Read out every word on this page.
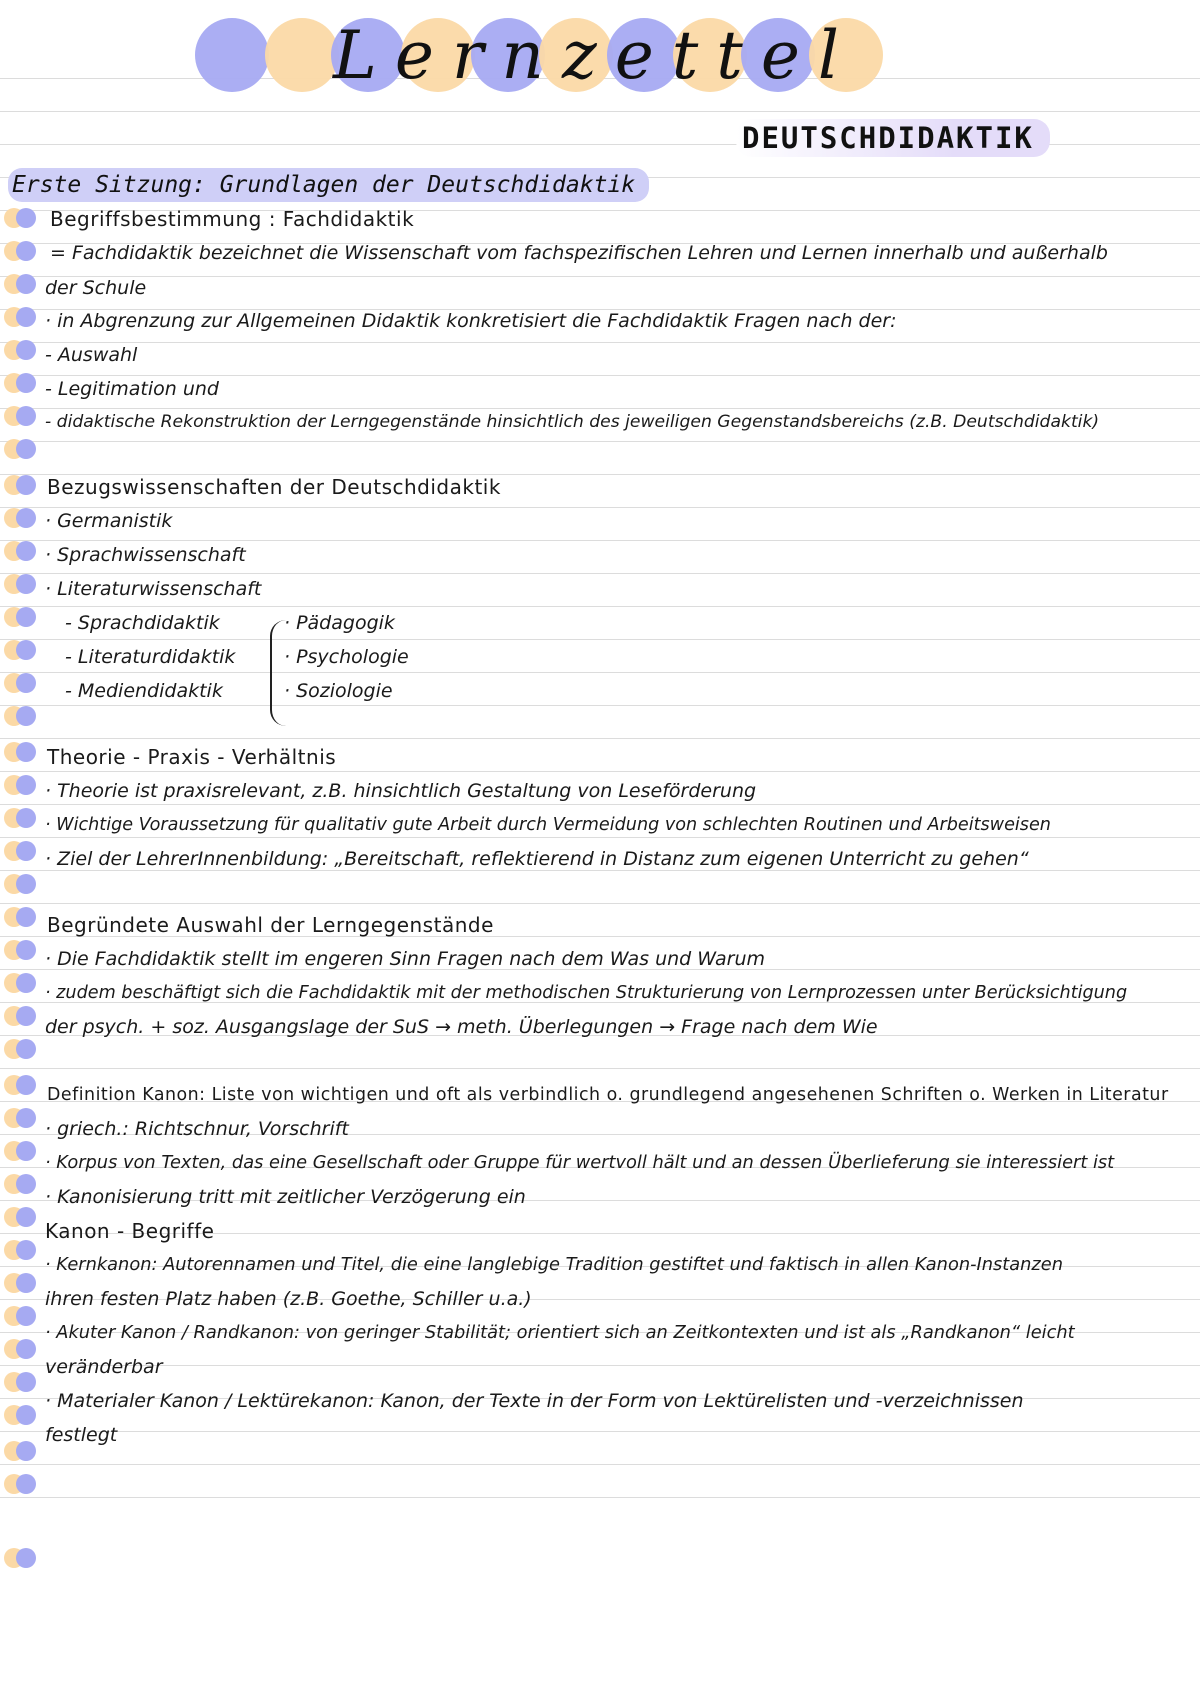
Lernzettel
DEUTSCHDIDAKTIK
Erste Sitzung: Grundlagen der Deutschdidaktik
Begriffsbestimmung : Fachdidaktik
= Fachdidaktik bezeichnet die Wissenschaft vom fachspezifischen Lehren und Lernen innerhalb und außerhalb
der Schule
· in Abgrenzung zur Allgemeinen Didaktik konkretisiert die Fachdidaktik Fragen nach der:
- Auswahl
- Legitimation und
- didaktische Rekonstruktion der Lerngegenstände hinsichtlich des jeweiligen Gegenstandsbereichs (z.B. Deutschdidaktik)
Bezugswissenschaften der Deutschdidaktik
· Germanistik
· Sprachwissenschaft
· Literaturwissenschaft
- Sprachdidaktik
- Literaturdidaktik
- Mediendidaktik
· Pädagogik
· Psychologie
· Soziologie
Theorie - Praxis - Verhältnis
· Theorie ist praxisrelevant, z.B. hinsichtlich Gestaltung von Leseförderung
· Wichtige Voraussetzung für qualitativ gute Arbeit durch Vermeidung von schlechten Routinen und Arbeitsweisen
· Ziel der LehrerInnenbildung: „Bereitschaft, reflektierend in Distanz zum eigenen Unterricht zu gehen“
Begründete Auswahl der Lerngegenstände
· Die Fachdidaktik stellt im engeren Sinn Fragen nach dem Was und Warum
· zudem beschäftigt sich die Fachdidaktik mit der methodischen Strukturierung von Lernprozessen unter Berücksichtigung
der psych. + soz. Ausgangslage der SuS → meth. Überlegungen → Frage nach dem Wie
Definition Kanon: Liste von wichtigen und oft als verbindlich o. grundlegend angesehenen Schriften o. Werken in Literatur
· griech.: Richtschnur, Vorschrift
· Korpus von Texten, das eine Gesellschaft oder Gruppe für wertvoll hält und an dessen Überlieferung sie interessiert ist
· Kanonisierung tritt mit zeitlicher Verzögerung ein
Kanon - Begriffe
· Kernkanon: Autorennamen und Titel, die eine langlebige Tradition gestiftet und faktisch in allen Kanon-Instanzen
ihren festen Platz haben (z.B. Goethe, Schiller u.a.)
· Akuter Kanon / Randkanon: von geringer Stabilität; orientiert sich an Zeitkontexten und ist als „Randkanon“ leicht
veränderbar
· Materialer Kanon / Lektürekanon: Kanon, der Texte in der Form von Lektürelisten und -verzeichnissen
festlegt
